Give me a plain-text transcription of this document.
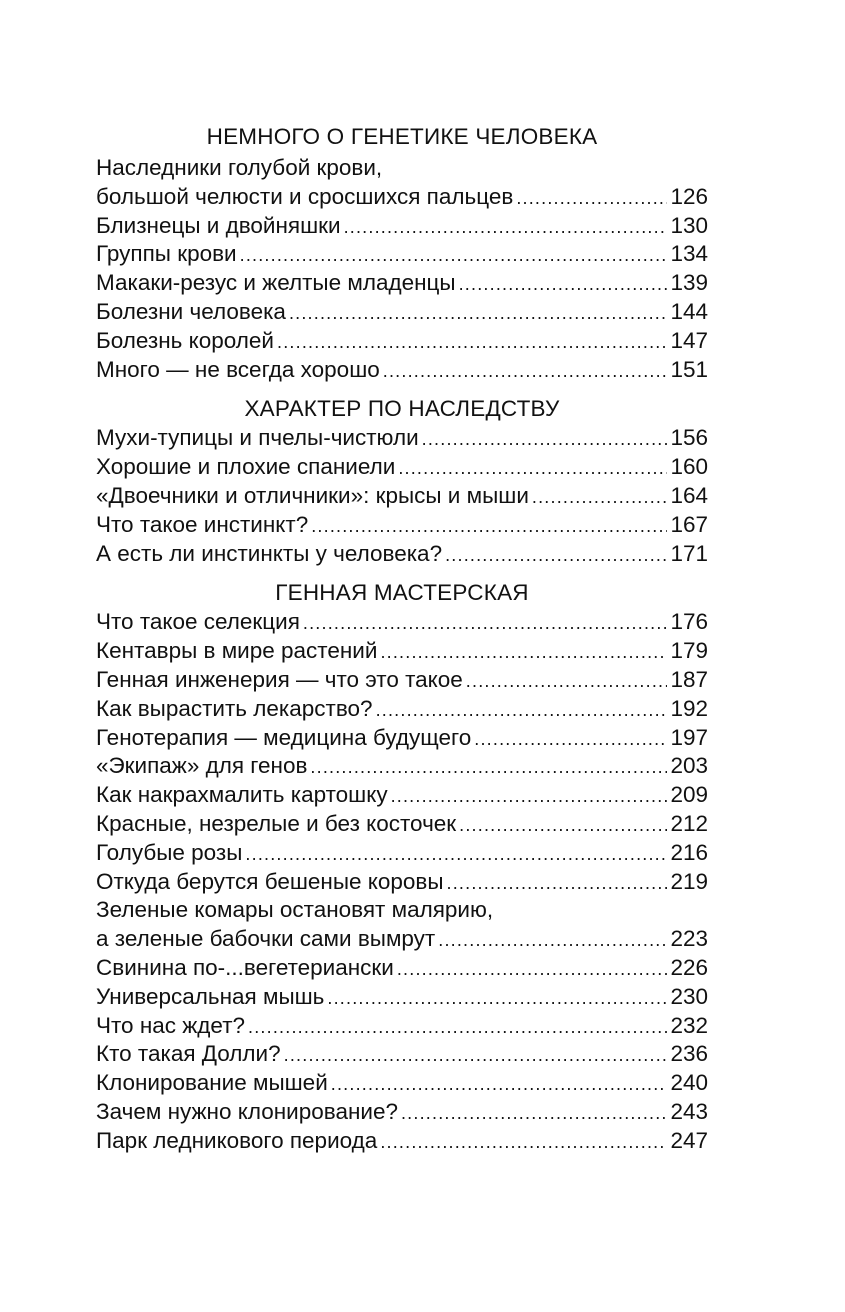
НЕМНОГО О ГЕНЕТИКЕ ЧЕЛОВЕКА
Наследники голубой крови,
большой челюсти и сросшихся пальцев .....	126
Близнецы и двойняшки .....	130
Группы крови .....	134
Макаки-резус и желтые младенцы .....	139
Болезни человека .....	144
Болезнь королей .....	147
Много — не всегда хорошо .....	151
ХАРАКТЕР ПО НАСЛЕДСТВУ
Мухи-тупицы и пчелы-чистюли .....	156
Хорошие и плохие спаниели .....	160
«Двоечники и отличники»: крысы и мыши .....	164
Что такое инстинкт? .....	167
А есть ли инстинкты у человека? .....	171
ГЕННАЯ МАСТЕРСКАЯ
Что такое селекция .....	176
Кентавры в мире растений .....	179
Генная инженерия — что это такое .....	187
Как вырастить лекарство? .....	192
Генотерапия — медицина будущего .....	197
«Экипаж» для генов .....	203
Как накрахмалить картошку .....	209
Красные, незрелые и без косточек .....	212
Голубые розы .....	216
Откуда берутся бешеные коровы .....	219
Зеленые комары остановят малярию,
а зеленые бабочки сами вымрут .....	223
Свинина по-...вегетериански .....	226
Универсальная мышь .....	230
Что нас ждет? .....	232
Кто такая Долли? .....	236
Клонирование мышей .....	240
Зачем нужно клонирование? .....	243
Парк ледникового периода .....	247
